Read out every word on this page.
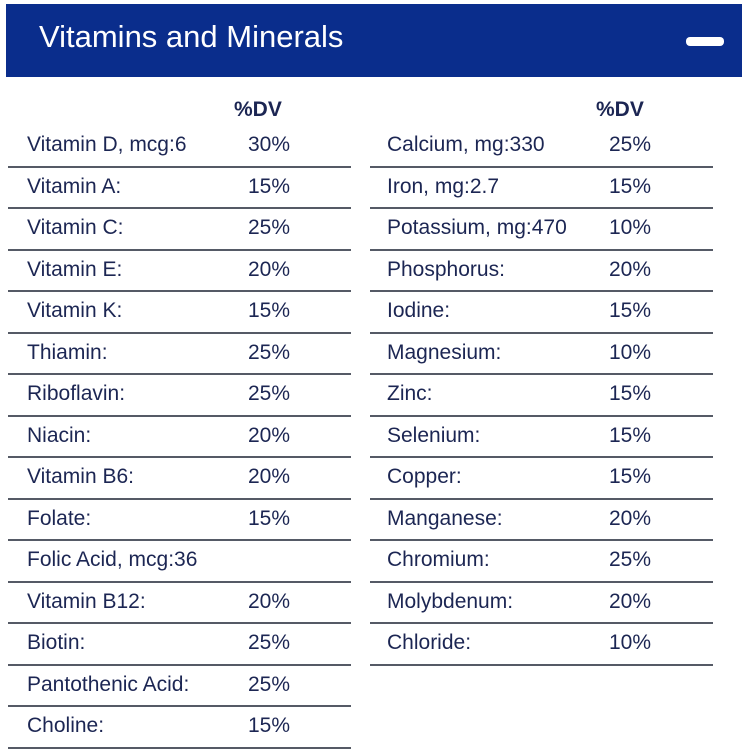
Vitamins and Minerals
%DV
Vitamin D, mcg:6	30%
Vitamin A:	15%
Vitamin C:	25%
Vitamin E:	20%
Vitamin K:	15%
Thiamin:	25%
Riboflavin:	25%
Niacin:	20%
Vitamin B6:	20%
Folate:	15%
Folic Acid, mcg:36
Vitamin B12:	20%
Biotin:	25%
Pantothenic Acid:	25%
Choline:	15%
%DV
Calcium, mg:330	25%
Iron, mg:2.7	15%
Potassium, mg:470 10%
Phosphorus:	20%
Iodine:	15%
Magnesium:	10%
Zinc:	15%
Selenium:	15%
Copper:	15%
Manganese:	20%
Chromium:	25%
Molybdenum:	20%
Chloride:	10%
